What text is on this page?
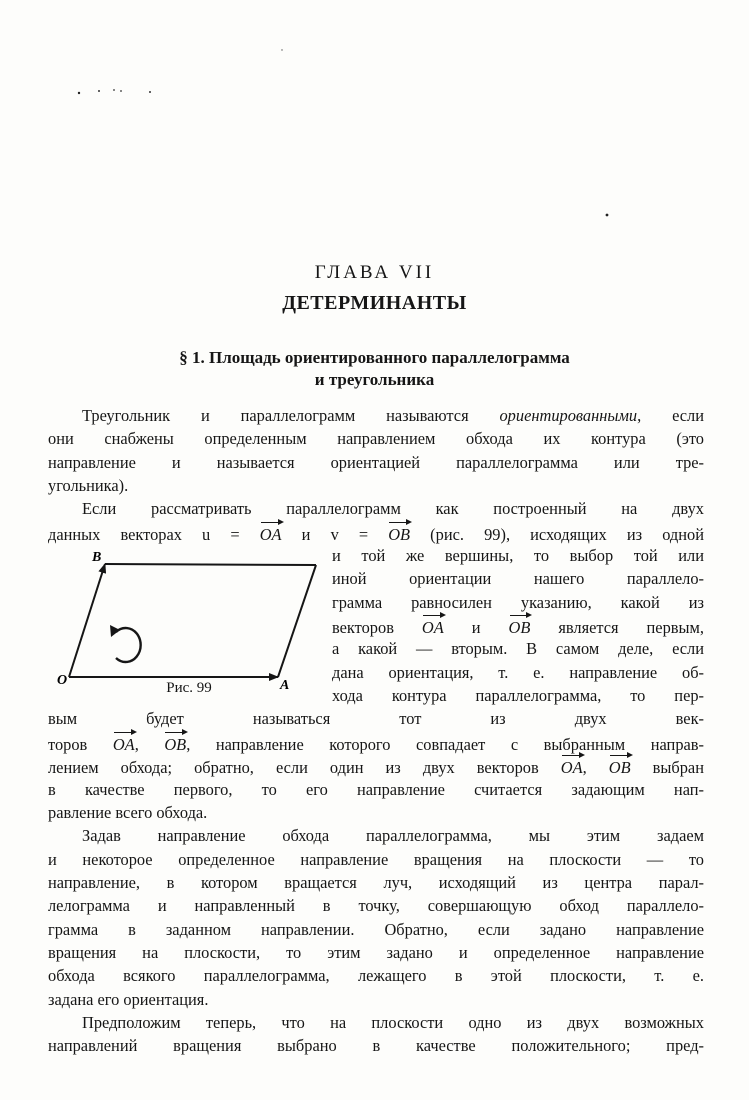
ГЛАВА VII
ДЕТЕРМИНАНТЫ
§ 1. Площадь ориентированного параллелограмма
и треугольника
Треугольник и параллелограмм называются ориентированными, если
они снабжены определенным направлением обхода их контура (это
направление и называется ориентацией параллелограмма или тре-
угольника).
Если рассматривать параллелограмм как построенный на двух
данных векторах u = OA и v = OB (рис. 99), исходящих из одной
B
O	A
Рис. 99
и той же вершины, то выбор той или
иной ориентации нашего параллело-
грамма равносилен указанию, какой из
векторов OA и OB является первым,
а какой — вторым. В самом деле, если
дана ориентация, т. е. направление об-
хода контура параллелограмма, то пер-
вым будет называться тот из двух век-
торов OA, OB, направление которого совпадает с выбранным направ-
лением обхода; обратно, если один из двух векторов OA, OB выбран
в качестве первого, то его направление считается задающим нап-
равление всего обхода.
Задав направление обхода параллелограмма, мы этим задаем
и некоторое определенное направление вращения на плоскости — то
направление, в котором вращается луч, исходящий из центра парал-
лелограмма и направленный в точку, совершающую обход параллело-
грамма в заданном направлении. Обратно, если задано направление
вращения на плоскости, то этим задано и определенное направление
обхода всякого параллелограмма, лежащего в этой плоскости, т. е.
задана его ориентация.
Предположим теперь, что на плоскости одно из двух возможных
направлений вращения выбрано в качестве положительного; пред-
